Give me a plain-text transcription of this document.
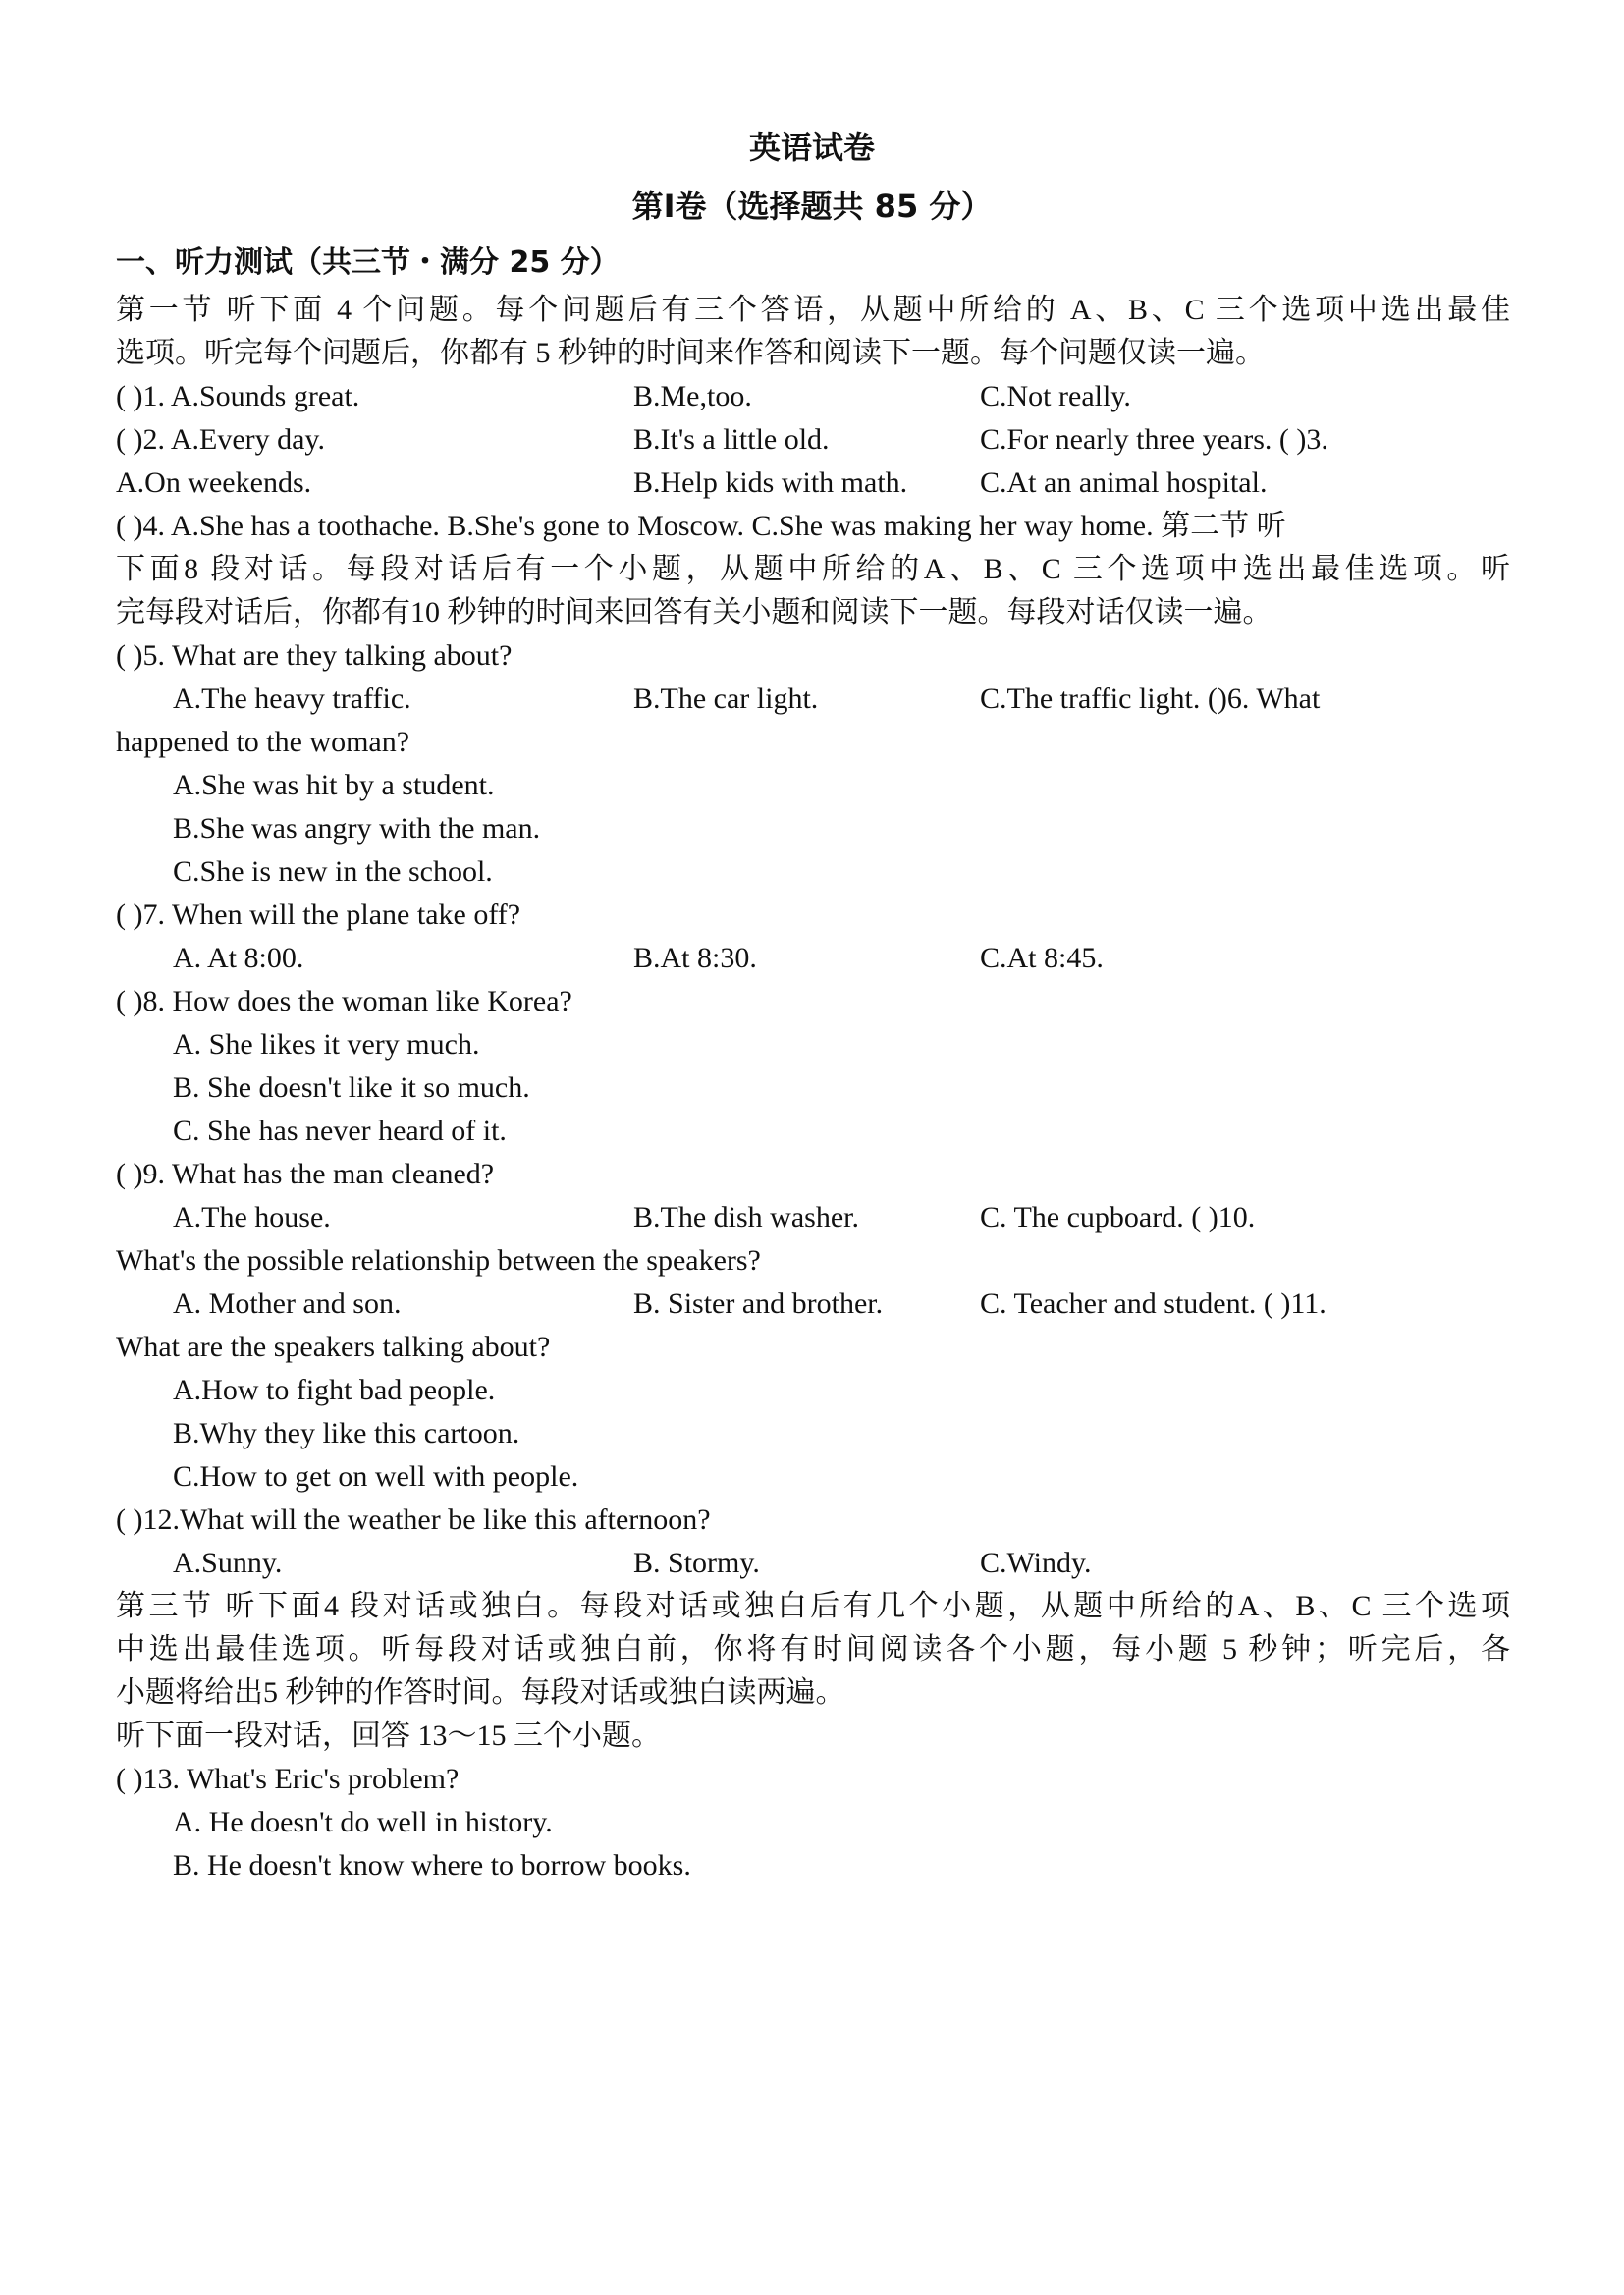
英语试卷
第Ⅰ卷（选择题共 85 分）
一、听力测试（共三节・满分 25 分）
第一节 听下面 4 个问题。每个问题后有三个答语，从题中所给的 A、B、C 三个选项中选出最佳
选项。听完每个问题后，你都有 5 秒钟的时间来作答和阅读下一题。每个问题仅读一遍。
( )1. A.Sounds great.	B.Me,too.	C.Not really.
( )2. A.Every day.	B.It's a little old.	C.For nearly three years. ( )3.
A.On weekends.	B.Help kids with math. C.At an animal hospital.
( )4. A.She has a toothache. B.She's gone to Moscow. C.She was making her way home. 第二节 听
下面8 段对话。每段对话后有一个小题，从题中所给的A、B、C 三个选项中选出最佳选项。听
完每段对话后，你都有10 秒钟的时间来回答有关小题和阅读下一题。每段对话仅读一遍。
( )5. What are they talking about?
A.The heavy traffic.	B.The car light.	C.The traffic light. ()6. What
happened to the woman?
A.She was hit by a student.
B.She was angry with the man.
C.She is new in the school.
( )7. When will the plane take off?
A. At 8:00.	B.At 8:30.	C.At 8:45.
( )8. How does the woman like Korea?
A. She likes it very much.
B. She doesn't like it so much.
C. She has never heard of it.
( )9. What has the man cleaned?
A.The house.	B.The dish washer.	C. The cupboard. ( )10.
What's the possible relationship between the speakers?
A. Mother and son.	B. Sister and brother.	C. Teacher and student. ( )11.
What are the speakers talking about?
A.How to fight bad people.
B.Why they like this cartoon.
C.How to get on well with people.
( )12.What will the weather be like this afternoon?
A.Sunny.	B. Stormy.	C.Windy.
第三节 听下面4 段对话或独白。每段对话或独白后有几个小题，从题中所给的A、B、C 三个选项
中选出最佳选项。听每段对话或独白前，你将有时间阅读各个小题，每小题 5 秒钟；听完后，各
小题将给出5 秒钟的作答时间。每段对话或独白读两遍。
听下面一段对话，回答 13～15 三个小题。
( )13. What's Eric's problem?
A. He doesn't do well in history.
B. He doesn't know where to borrow books.
